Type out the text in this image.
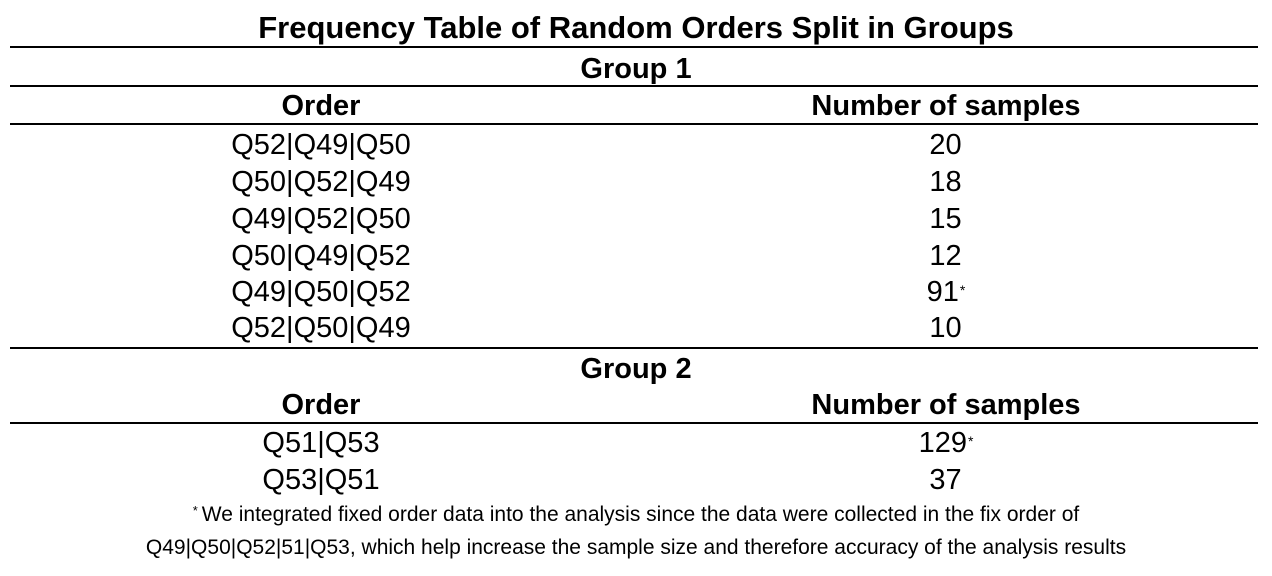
Frequency Table of Random Orders Split in Groups
Group 1
Order	Number of samples
Q52|Q49|Q50	20
Q50|Q52|Q49	18
Q49|Q52|Q50	15
Q50|Q49|Q52	12
Q49|Q50|Q52	91*
Q52|Q50|Q49	10
Group 2
Order	Number of samples
Q51|Q53	129*
Q53|Q51	37
* We integrated fixed order data into the analysis since the data were collected in the fix order of
Q49|Q50|Q52|51|Q53, which help increase the sample size and therefore accuracy of the analysis results
